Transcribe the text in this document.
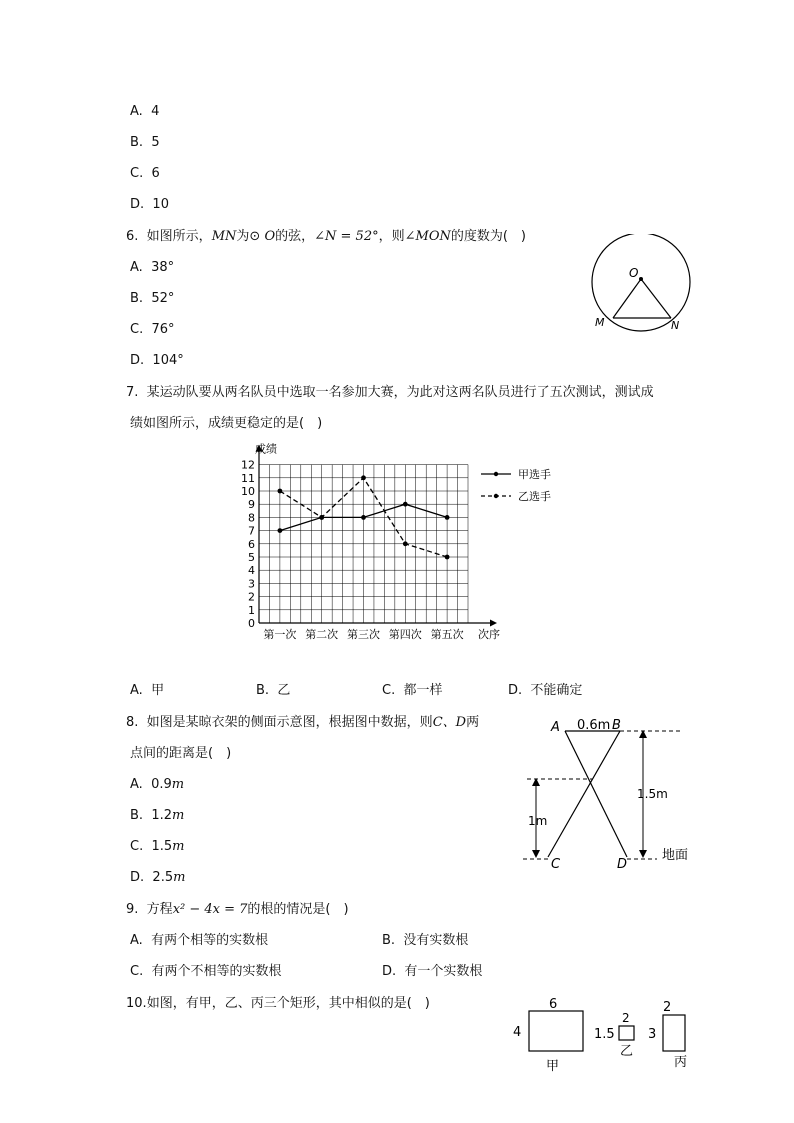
A. 4
B. 5
C. 6
D. 10
6. 如图所示，MN为⊙ O的弦，∠N = 52°，则∠MON的度数为(　)
A. 38°
B. 52°
C. 76°
D. 104°
O
M	N
7. 某运动队要从两名队员中选取一名参加大赛，为此对这两名队员进行了五次测试，测试成
绩如图所示，成绩更稳定的是(　)
0
1
2
3
4
5
6
7
8
9
10
11
12
成绩
第一次 第二次 第三次 第四次 第五次 次序
甲选手
乙选手
A. 甲	B. 乙	C. 都一样	D. 不能确定
8. 如图是某晾衣架的侧面示意图，根据图中数据，则C、D两
点间的距离是(　)
A. 0.9m
B. 1.2m
C. 1.5m
D. 2.5m
A	B
0.6m
C	D
1m
1.5m
地面
9. 方程x² − 4x = 7的根的情况是(　)
A. 有两个相等的实数根	B. 没有实数根
C. 有两个不相等的实数根	D. 有一个实数根
10.如图，有甲，乙、丙三个矩形，其中相似的是(　)	6
4
甲
2
1.5
乙
2
3
丙
